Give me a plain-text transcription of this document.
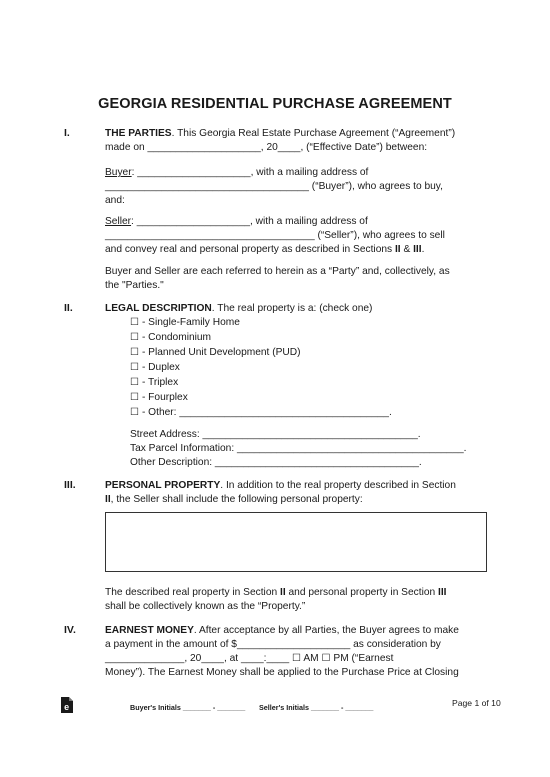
GEORGIA RESIDENTIAL PURCHASE AGREEMENT
I.	THE PARTIES. This Georgia Real Estate Purchase Agreement (“Agreement”)
made on ____________________, 20____, (“Effective Date”) between:
Buyer: ____________________, with a mailing address of
____________________________________ (“Buyer”), who agrees to buy,
and:
Seller: ____________________, with a mailing address of
_____________________________________ (“Seller”), who agrees to sell
and convey real and personal property as described in Sections II & III.
Buyer and Seller are each referred to herein as a “Party” and, collectively, as
the "Parties."
II.	LEGAL DESCRIPTION. The real property is a: (check one)
☐ - Single-Family Home
☐ - Condominium
☐ - Planned Unit Development (PUD)
☐ - Duplex
☐ - Triplex
☐ - Fourplex
☐ - Other: _____________________________________.
Street Address: ______________________________________.
Tax Parcel Information: ________________________________________.
Other Description: ____________________________________.
III.	PERSONAL PROPERTY. In addition to the real property described in Section
II, the Seller shall include the following personal property:
The described real property in Section II and personal property in Section III
shall be collectively known as the “Property.”
IV.	EARNEST MONEY. After acceptance by all Parties, the Buyer agrees to make
a payment in the amount of $____________________ as consideration by
______________, 20____, at ____:____ ☐ AM ☐ PM (“Earnest
Money”). The Earnest Money shall be applied to the Purchase Price at Closing
e	Buyer's Initials _______ - _______ Seller's Initials _______ - _______	Page 1 of 10
